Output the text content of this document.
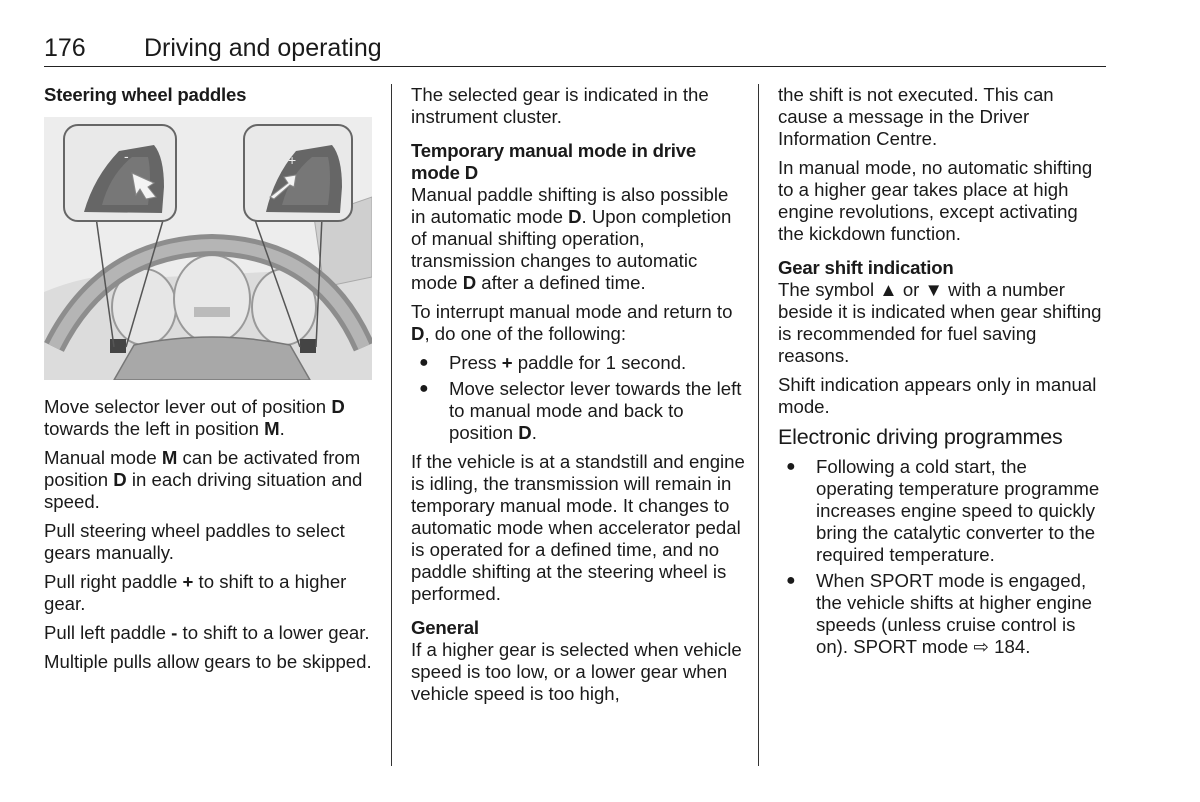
176 Driving and operating
Steering wheel paddles
-	+

Move selector lever out of position D towards the left in position M.

Manual mode M can be activated from position D in each driving situation and speed.

Pull steering wheel paddles to select gears manually.

Pull right paddle + to shift to a higher gear.

Pull left paddle - to shift to a lower gear.

Multiple pulls allow gears to be skipped.

The selected gear is indicated in the instrument cluster.

Temporary manual mode in drive mode D

Manual paddle shifting is also possible in automatic mode D. Upon completion of manual shifting operation, transmission changes to automatic mode D after a defined time.

To interrupt manual mode and return to D, do one of the following:

● Press + paddle for 1 second.
● Move selector lever towards the left to manual mode and back to position D.

If the vehicle is at a standstill and engine is idling, the transmission will remain in temporary manual mode. It changes to automatic mode when accelerator pedal is operated for a defined time, and no paddle shifting at the steering wheel is performed.

General

If a higher gear is selected when vehicle speed is too low, or a lower gear when vehicle speed is too high,

the shift is not executed. This can cause a message in the Driver Information Centre.

In manual mode, no automatic shifting to a higher gear takes place at high engine revolutions, except activating the kickdown function.

Gear shift indication

The symbol ▲ or ▼ with a number beside it is indicated when gear shifting is recommended for fuel saving reasons.

Shift indication appears only in manual mode.

Electronic driving programmes
● Following a cold start, the operating temperature programme increases engine speed to quickly bring the catalytic converter to the required temperature.
● When SPORT mode is engaged, the vehicle shifts at higher engine speeds (unless cruise control is on). SPORT mode ⇨ 184.
